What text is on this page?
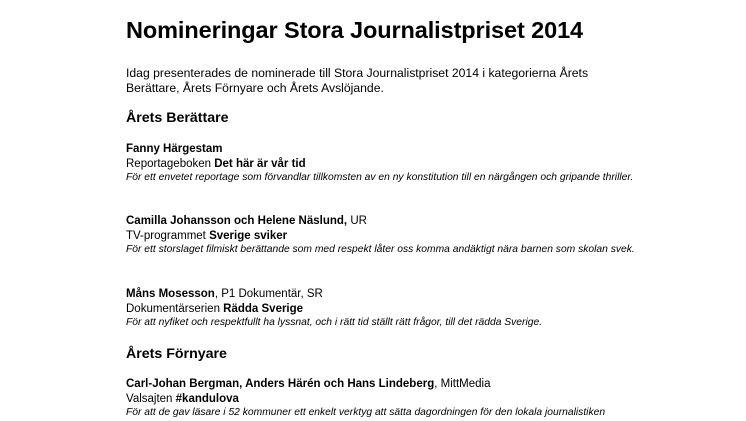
Nomineringar Stora Journalistpriset 2014

Idag presenterades de nominerade till Stora Journalistpriset 2014 i kategorierna Årets Berättare, Årets Förnyare och Årets Avslöjande.

Årets Berättare
Fanny Härgestam
Reportageboken Det här är vår tid
För ett envetet reportage som förvandlar tillkomsten av en ny konstitution till en närgången och gripande thriller.
Camilla Johansson och Helene Näslund, UR
TV-programmet Sverige sviker
För ett storslaget filmiskt berättande som med respekt låter oss komma andäktigt nära barnen som skolan svek.
Måns Mosesson, P1 Dokumentär, SR
Dokumentärserien Rädda Sverige
För att nyfiket och respektfullt ha lyssnat, och i rätt tid ställt rätt frågor, till det rädda Sverige.
Årets Förnyare
Carl-Johan Bergman, Anders Härén och Hans Lindeberg, MittMedia
Valsajten #kandulova
För att de gav läsare i 52 kommuner ett enkelt verktyg att sätta dagordningen för den lokala journalistiken
